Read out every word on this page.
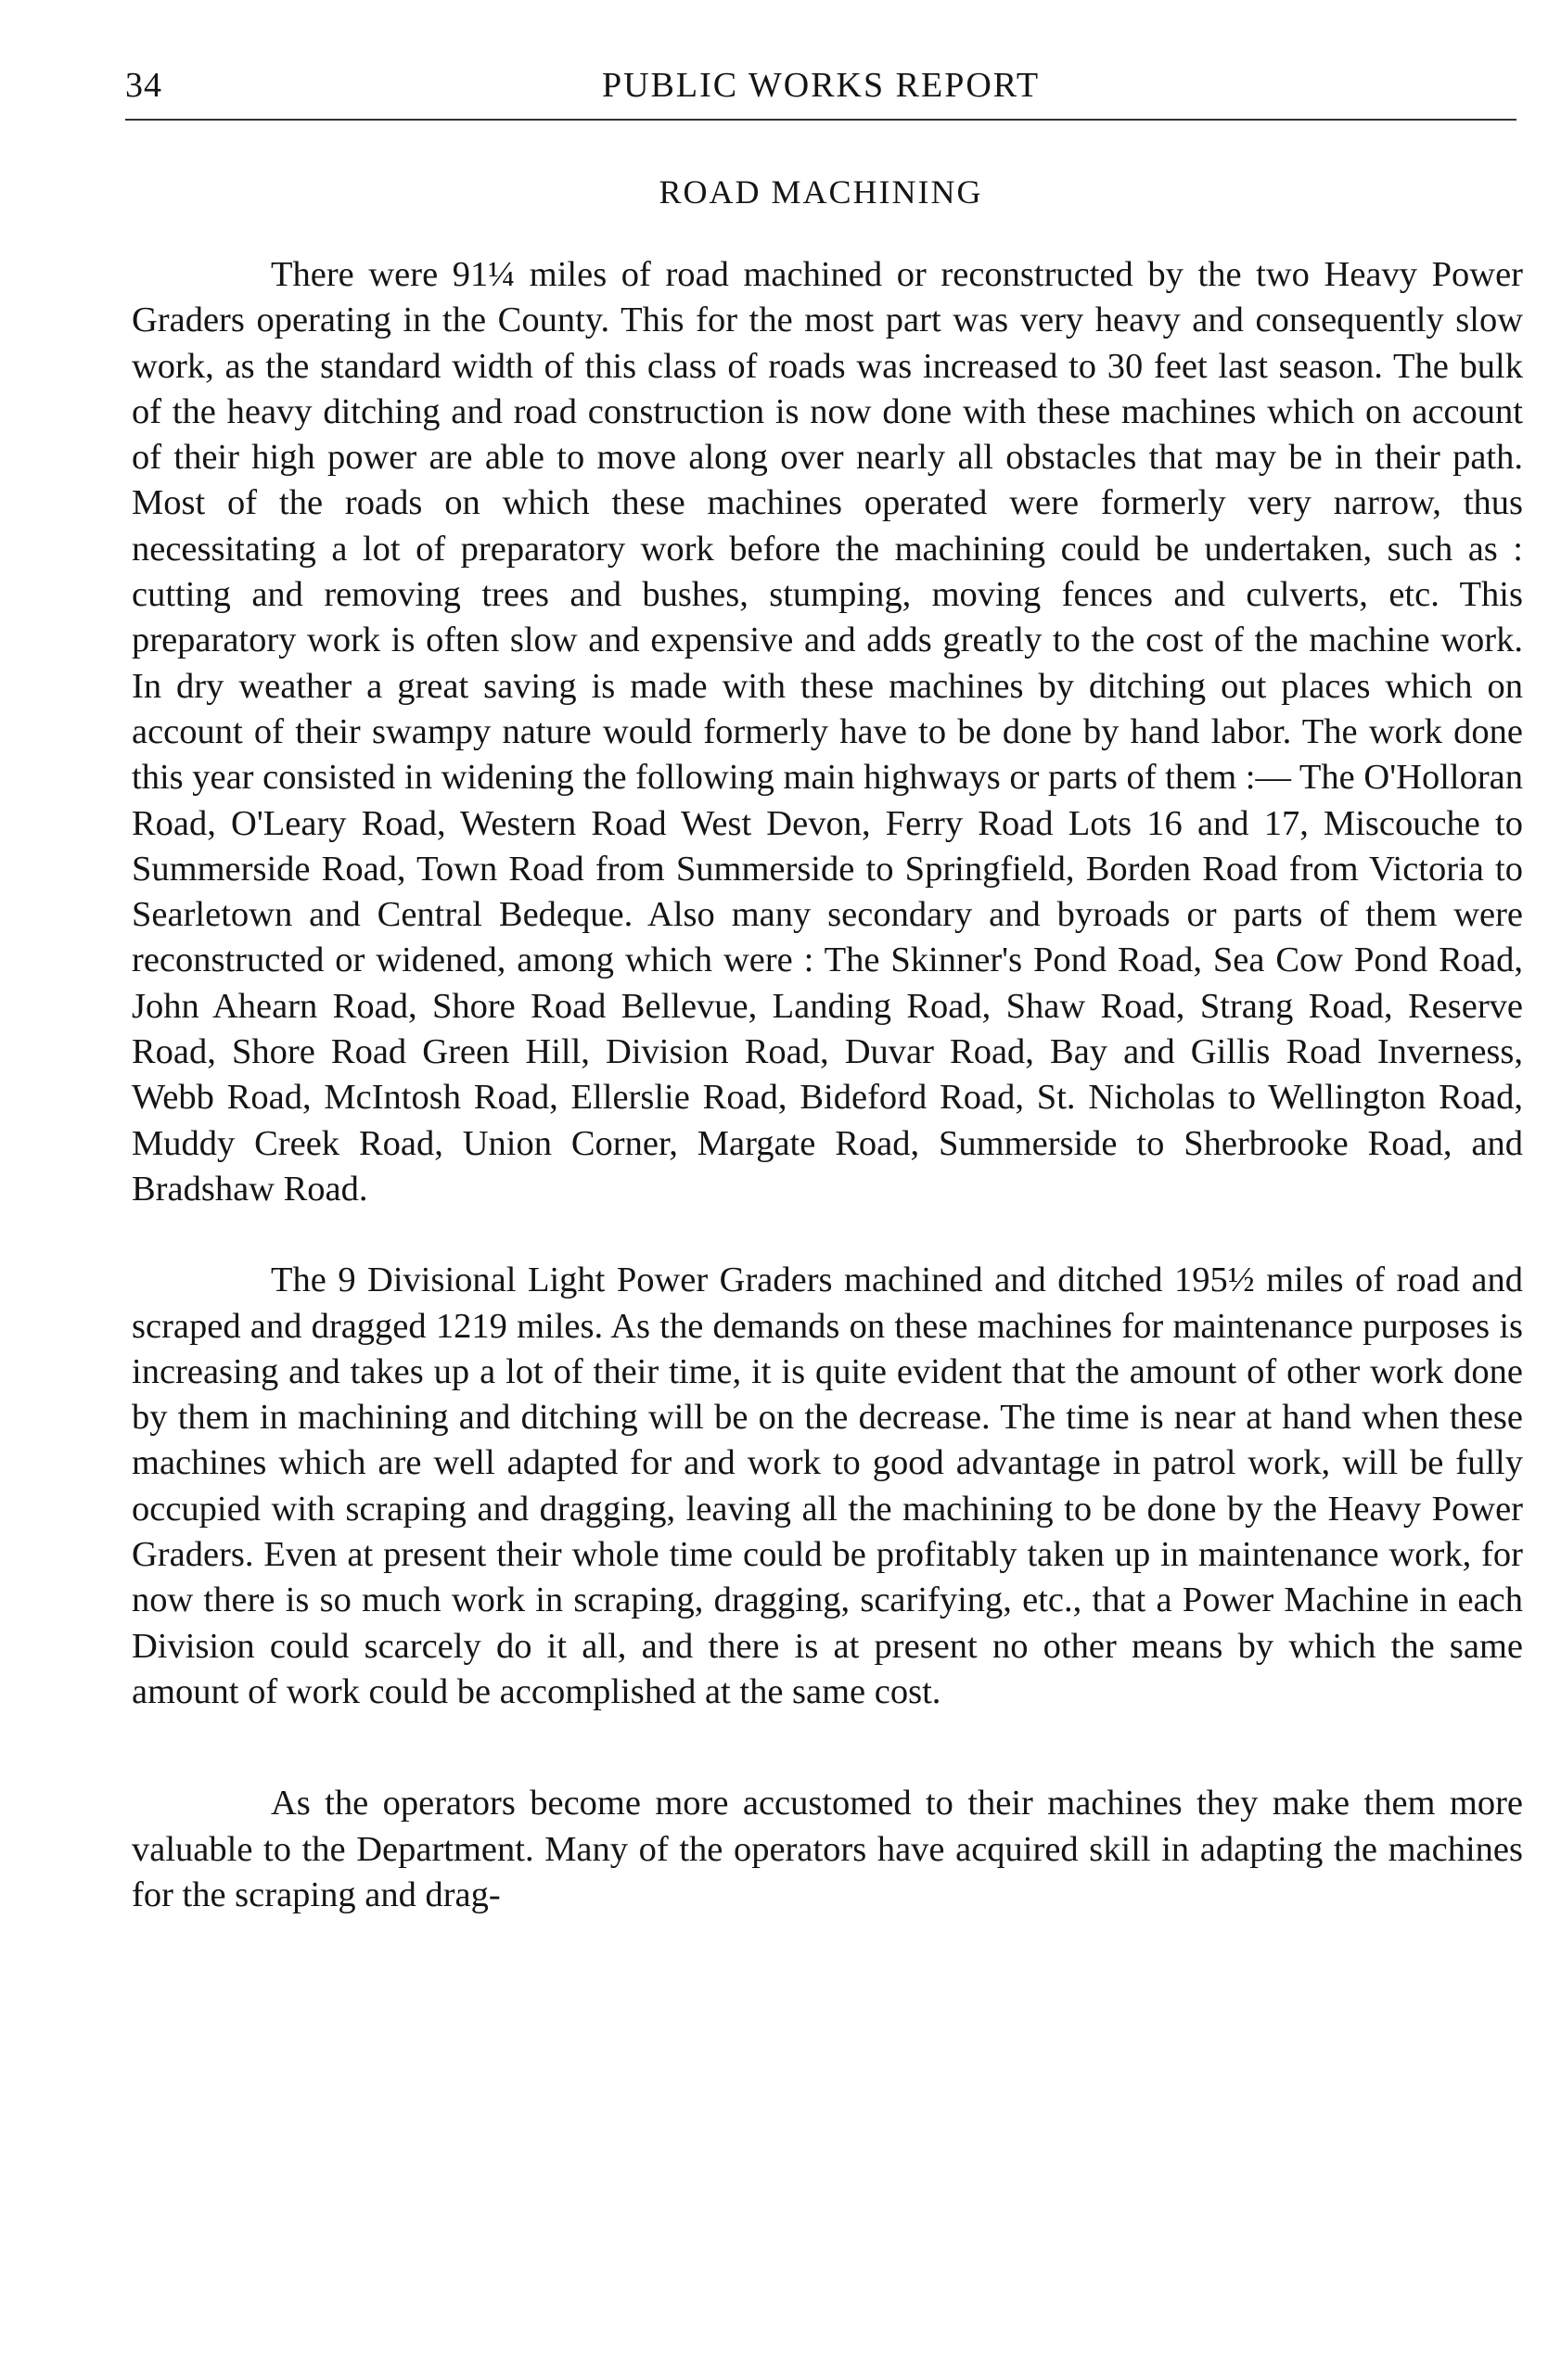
34	PUBLIC WORKS REPORT
ROAD MACHINING

There were 91¼ miles of road machined or reconstructed by the two Heavy Power Graders operating in the County. This for the most part was very heavy and consequently slow work, as the standard width of this class of roads was increased to 30 feet last season. The bulk of the heavy ditching and road construction is now done with these machines which on account of their high power are able to move along over nearly all obstacles that may be in their path. Most of the roads on which these machines operated were formerly very narrow, thus necessitating a lot of preparatory work before the machining could be undertaken, such as : cutting and removing trees and bushes, stumping, moving fences and culverts, etc. This preparatory work is often slow and expensive and adds greatly to the cost of the machine work. In dry weather a great saving is made with these machines by ditching out places which on account of their swampy nature would formerly have to be done by hand labor. The work done this year consisted in widening the following main highways or parts of them :— The O'Holloran Road, O'Leary Road, Western Road West Devon, Ferry Road Lots 16 and 17, Miscouche to Summerside Road, Town Road from Summerside to Springfield, Borden Road from Victoria to Searletown and Central Bedeque. Also many secondary and byroads or parts of them were reconstructed or widened, among which were : The Skinner's Pond Road, Sea Cow Pond Road, John Ahearn Road, Shore Road Bellevue, Landing Road, Shaw Road, Strang Road, Reserve Road, Shore Road Green Hill, Division Road, Duvar Road, Bay and Gillis Road Inverness, Webb Road, McIntosh Road, Ellerslie Road, Bideford Road, St. Nicholas to Wellington Road, Muddy Creek Road, Union Corner, Margate Road, Summerside to Sherbrooke Road, and Bradshaw Road.

The 9 Divisional Light Power Graders machined and ditched 195½ miles of road and scraped and dragged 1219 miles. As the demands on these machines for maintenance purposes is increasing and takes up a lot of their time, it is quite evident that the amount of other work done by them in machining and ditching will be on the decrease. The time is near at hand when these machines which are well adapted for and work to good advantage in patrol work, will be fully occupied with scraping and dragging, leaving all the machining to be done by the Heavy Power Graders. Even at present their whole time could be profitably taken up in maintenance work, for now there is so much work in scraping, dragging, scarifying, etc., that a Power Machine in each Division could scarcely do it all, and there is at present no other means by which the same amount of work could be accomplished at the same cost.

As the operators become more accustomed to their machines they make them more valuable to the Department. Many of the operators have acquired skill in adapting the machines for the scraping and drag-
